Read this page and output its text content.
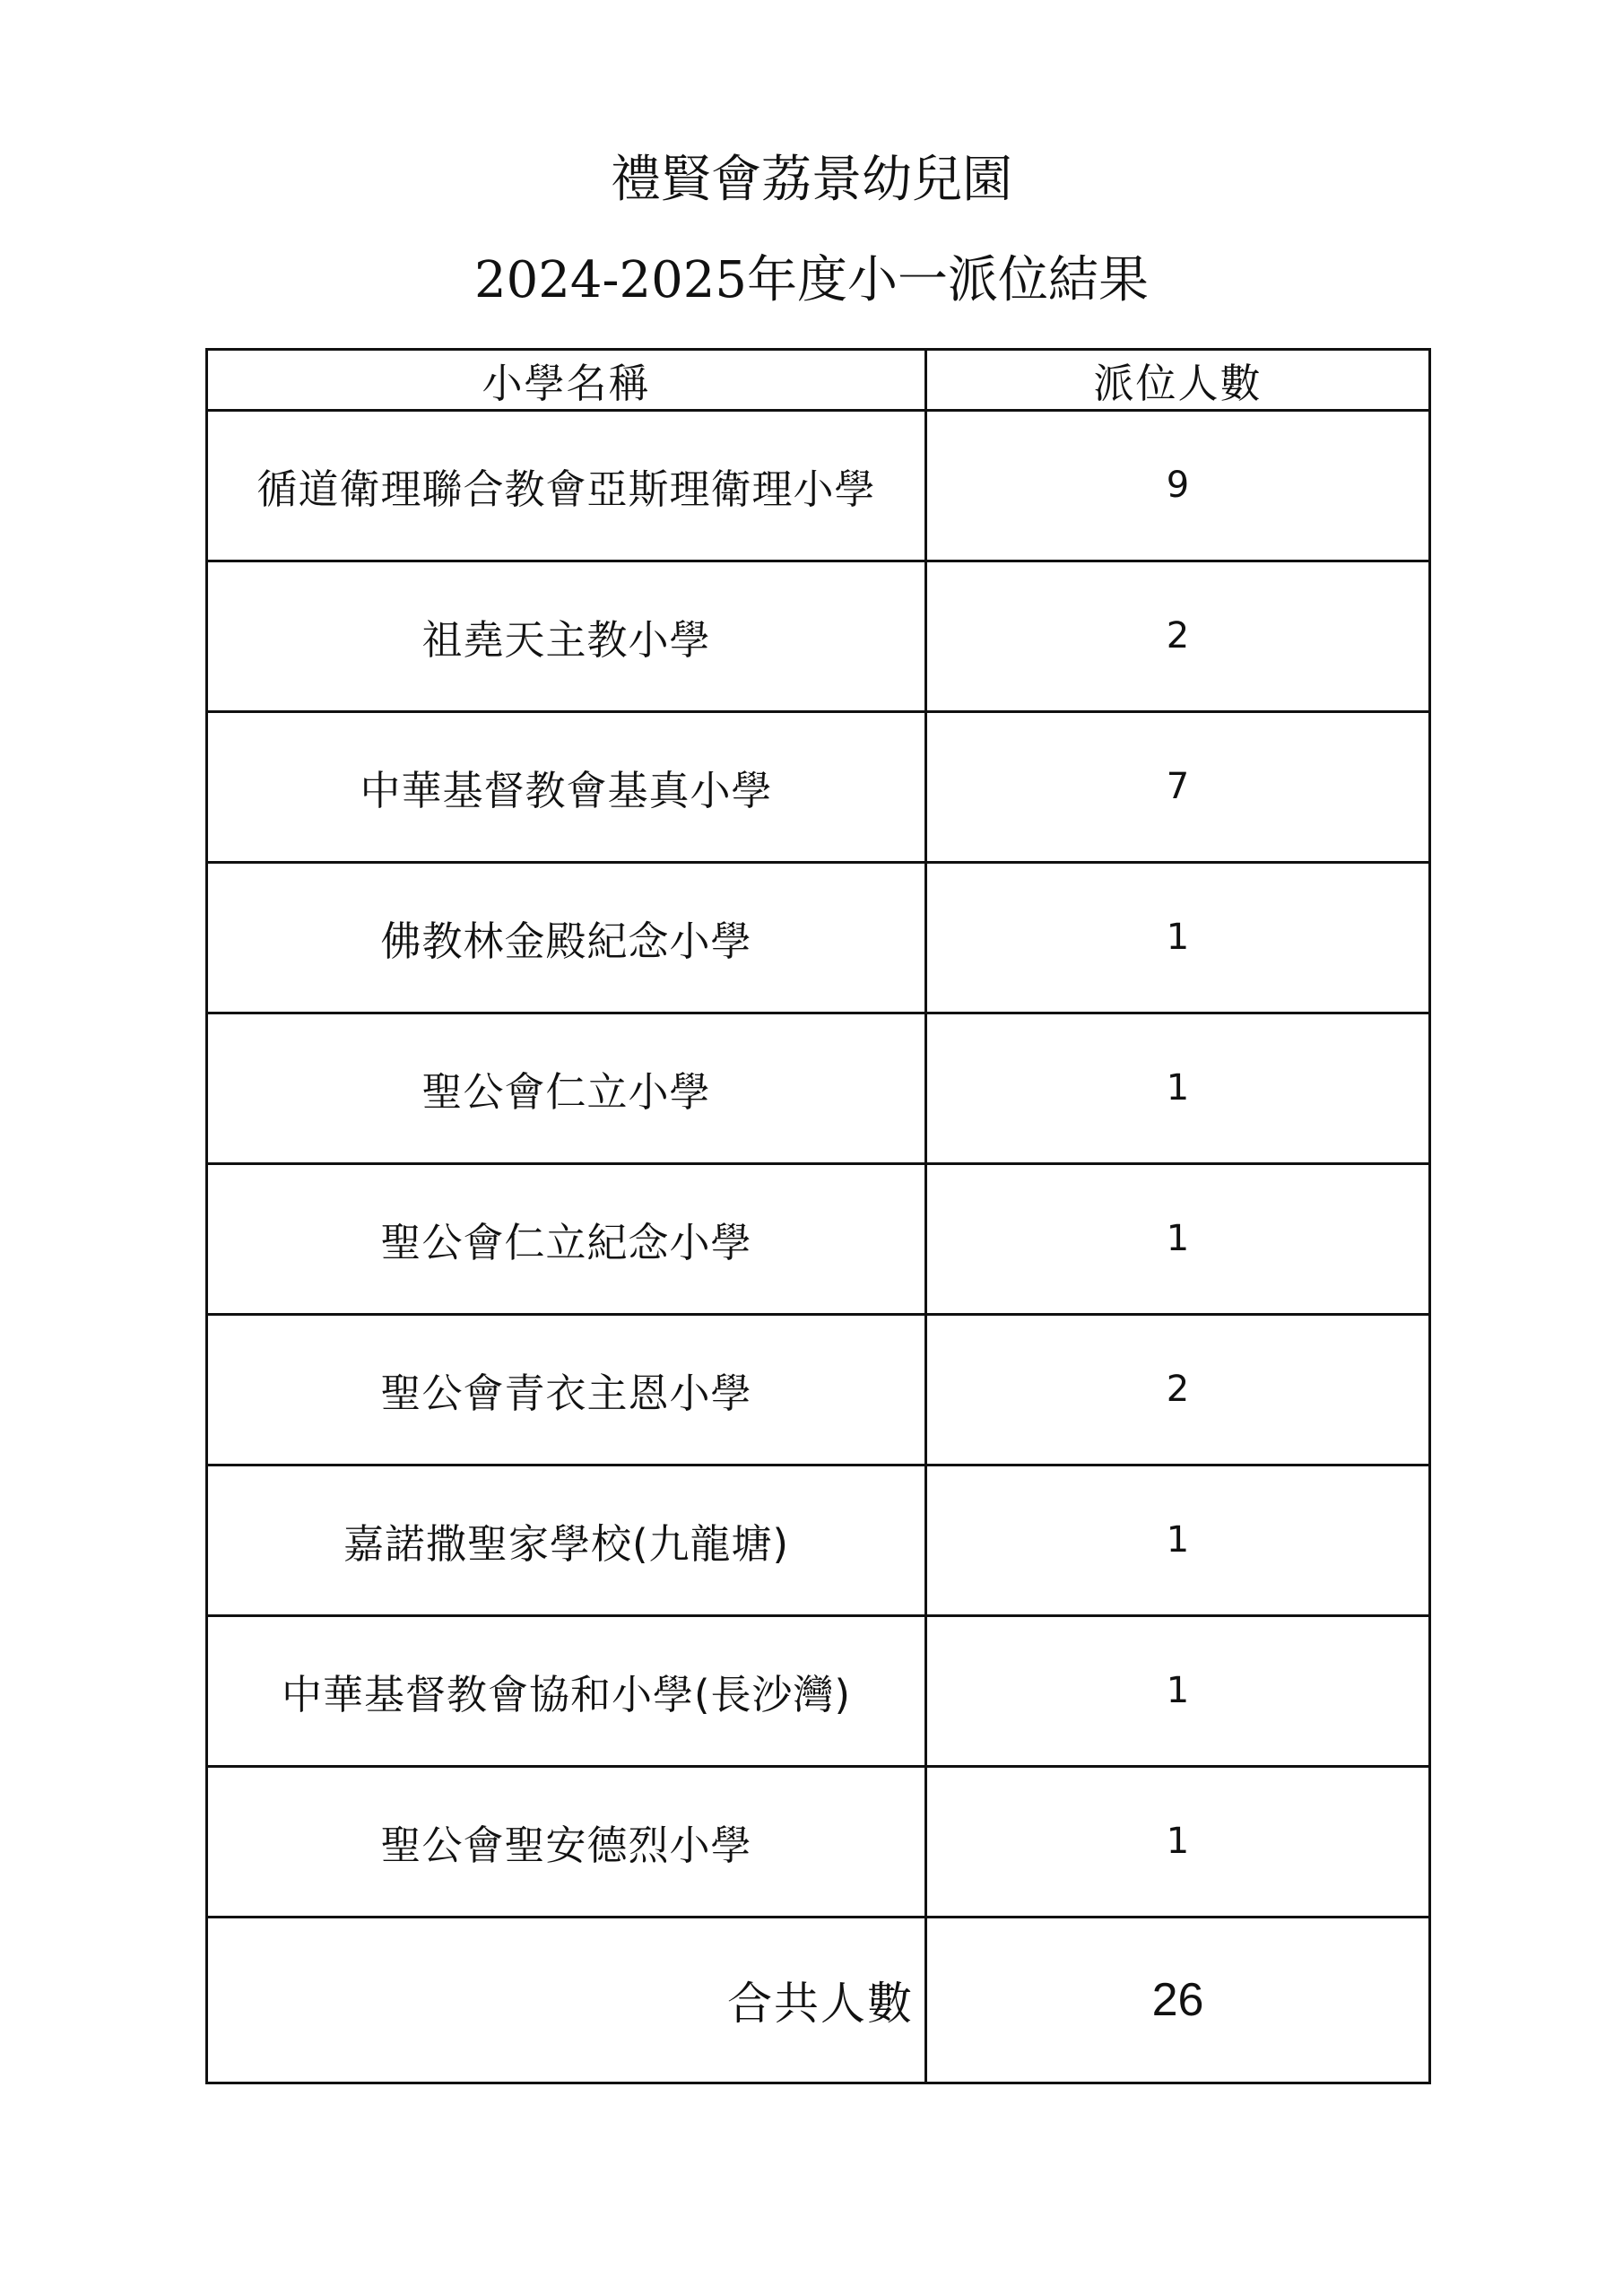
禮賢會荔景幼兒園
2024-2025年度小一派位結果
小學名稱	派位人數
循道衛理聯合教會亞斯理衛理小學	9
祖堯天主教小學	2
中華基督教會基真小學	7
佛教林金殿紀念小學	1
聖公會仁立小學	1
聖公會仁立紀念小學	1
聖公會青衣主恩小學	2
嘉諾撒聖家學校(九龍塘)	1
中華基督教會協和小學(長沙灣)	1
聖公會聖安德烈小學	1
合共人數	26
